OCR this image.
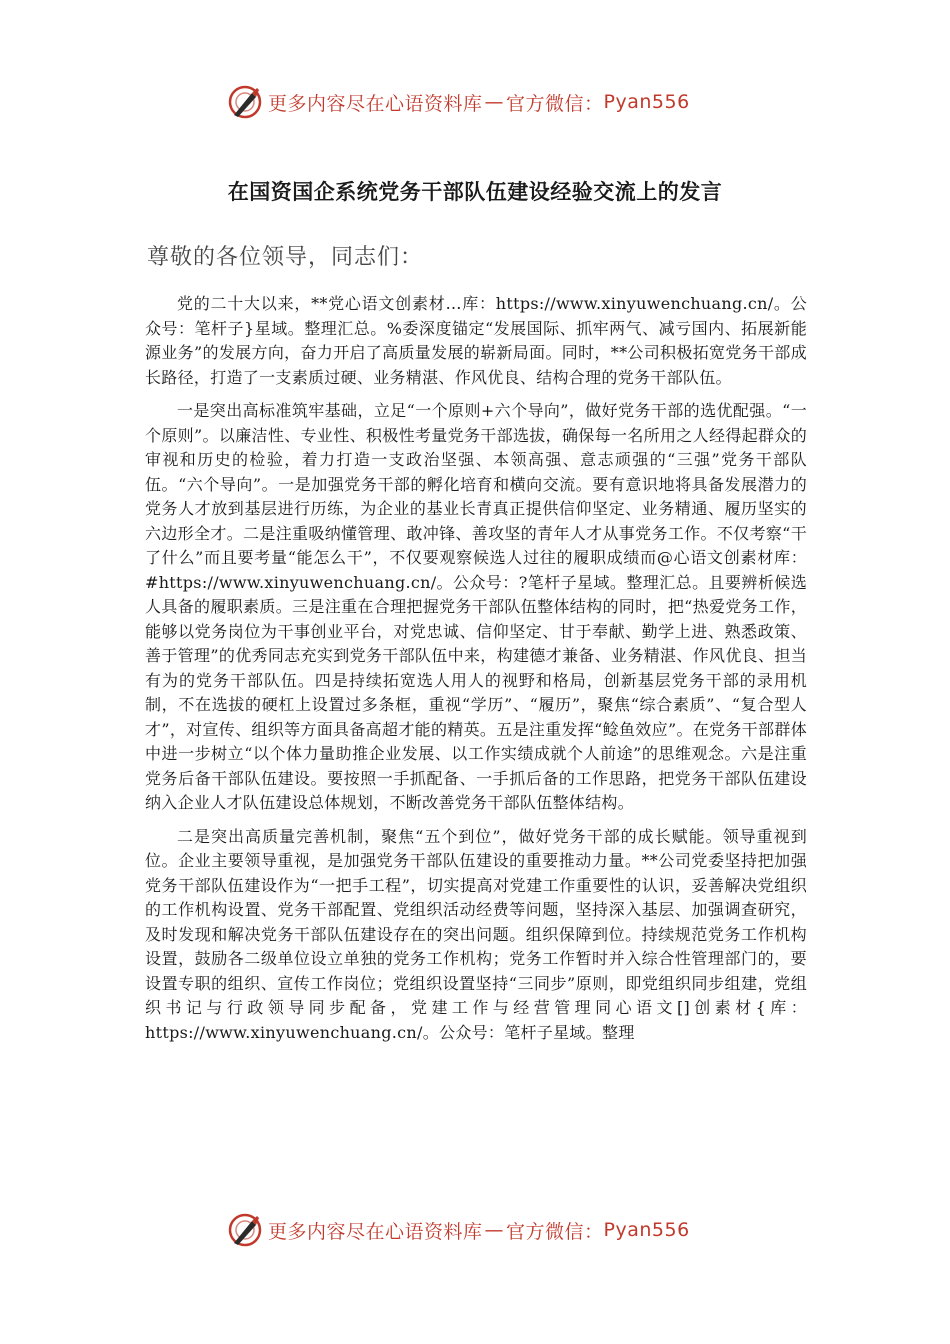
更多内容尽在心语资料库 — 官方微信： Pyan556
在国资国企系统党务干部队伍建设经验交流上的发言
尊敬的各位领导，同志们：

党的二十大以来，**党心语文创素材…库：https://www.xinyuwenchuang.cn/。公众号：笔杆子}星域。整理汇总。%委深度锚定“发展国际、抓牢两气、减亏国内、拓展新能源业务”的发展方向，奋力开启了高质量发展的崭新局面。同时，**公司积极拓宽党务干部成长路径，打造了一支素质过硬、业务精湛、作风优良、结构合理的党务干部队伍。

一是突出高标准筑牢基础，立足“一个原则+六个导向”，做好党务干部的选优配强。“一个原则”。以廉洁性、专业性、积极性考量党务干部选拔，确保每一名所用之人经得起群众的审视和历史的检验，着力打造一支政治坚强、本领高强、意志顽强的“三强”党务干部队伍。“六个导向”。一是加强党务干部的孵化培育和横向交流。要有意识地将具备发展潜力的党务人才放到基层进行历练，为企业的基业长青真正提供信仰坚定、业务精通、履历坚实的六边形全才。二是注重吸纳懂管理、敢冲锋、善攻坚的青年人才从事党务工作。不仅考察“干了什么”而且要考量“能怎么干”，不仅要观察候选人过往的履职成绩而@心语文创素材库：#https://www.xinyuwenchuang.cn/。公众号：?笔杆子星域。整理汇总。且要辨析候选人具备的履职素质。三是注重在合理把握党务干部队伍整体结构的同时，把“热爱党务工作，能够以党务岗位为干事创业平台，对党忠诚、信仰坚定、甘于奉献、勤学上进、熟悉政策、善于管理”的优秀同志充实到党务干部队伍中来，构建德才兼备、业务精湛、作风优良、担当有为的党务干部队伍。四是持续拓宽选人用人的视野和格局，创新基层党务干部的录用机制，不在选拔的硬杠上设置过多条框，重视“学历”、“履历”，聚焦“综合素质”、“复合型人才”，对宣传、组织等方面具备高超才能的精英。五是注重发挥“鲶鱼效应”。在党务干部群体中进一步树立“以个体力量助推企业发展、以工作实绩成就个人前途”的思维观念。六是注重党务后备干部队伍建设。要按照一手抓配备、一手抓后备的工作思路，把党务干部队伍建设纳入企业人才队伍建设总体规划，不断改善党务干部队伍整体结构。

二是突出高质量完善机制，聚焦“五个到位”，做好党务干部的成长赋能。领导重视到位。企业主要领导重视，是加强党务干部队伍建设的重要推动力量。**公司党委坚持把加强党务干部队伍建设作为“一把手工程”，切实提高对党建工作重要性的认识，妥善解决党组织的工作机构设置、党务干部配置、党组织活动经费等问题，坚持深入基层、加强调查研究，及时发现和解决党务干部队伍建设存在的突出问题。组织保障到位。持续规范党务工作机构设置，鼓励各二级单位设立单独的党务工作机构；党务工作暂时并入综合性管理部门的，要设置专职的组织、宣传工作岗位；党组织设置坚持“三同步”原则，即党组织同步组建，党组织书记与行政领导同步配备，党建工作与经营管理同心语文[]创素材{库：https://www.xinyuwenchuang.cn/。公众号：笔杆子星域。整理

更多内容尽在心语资料库 — 官方微信： Pyan556
